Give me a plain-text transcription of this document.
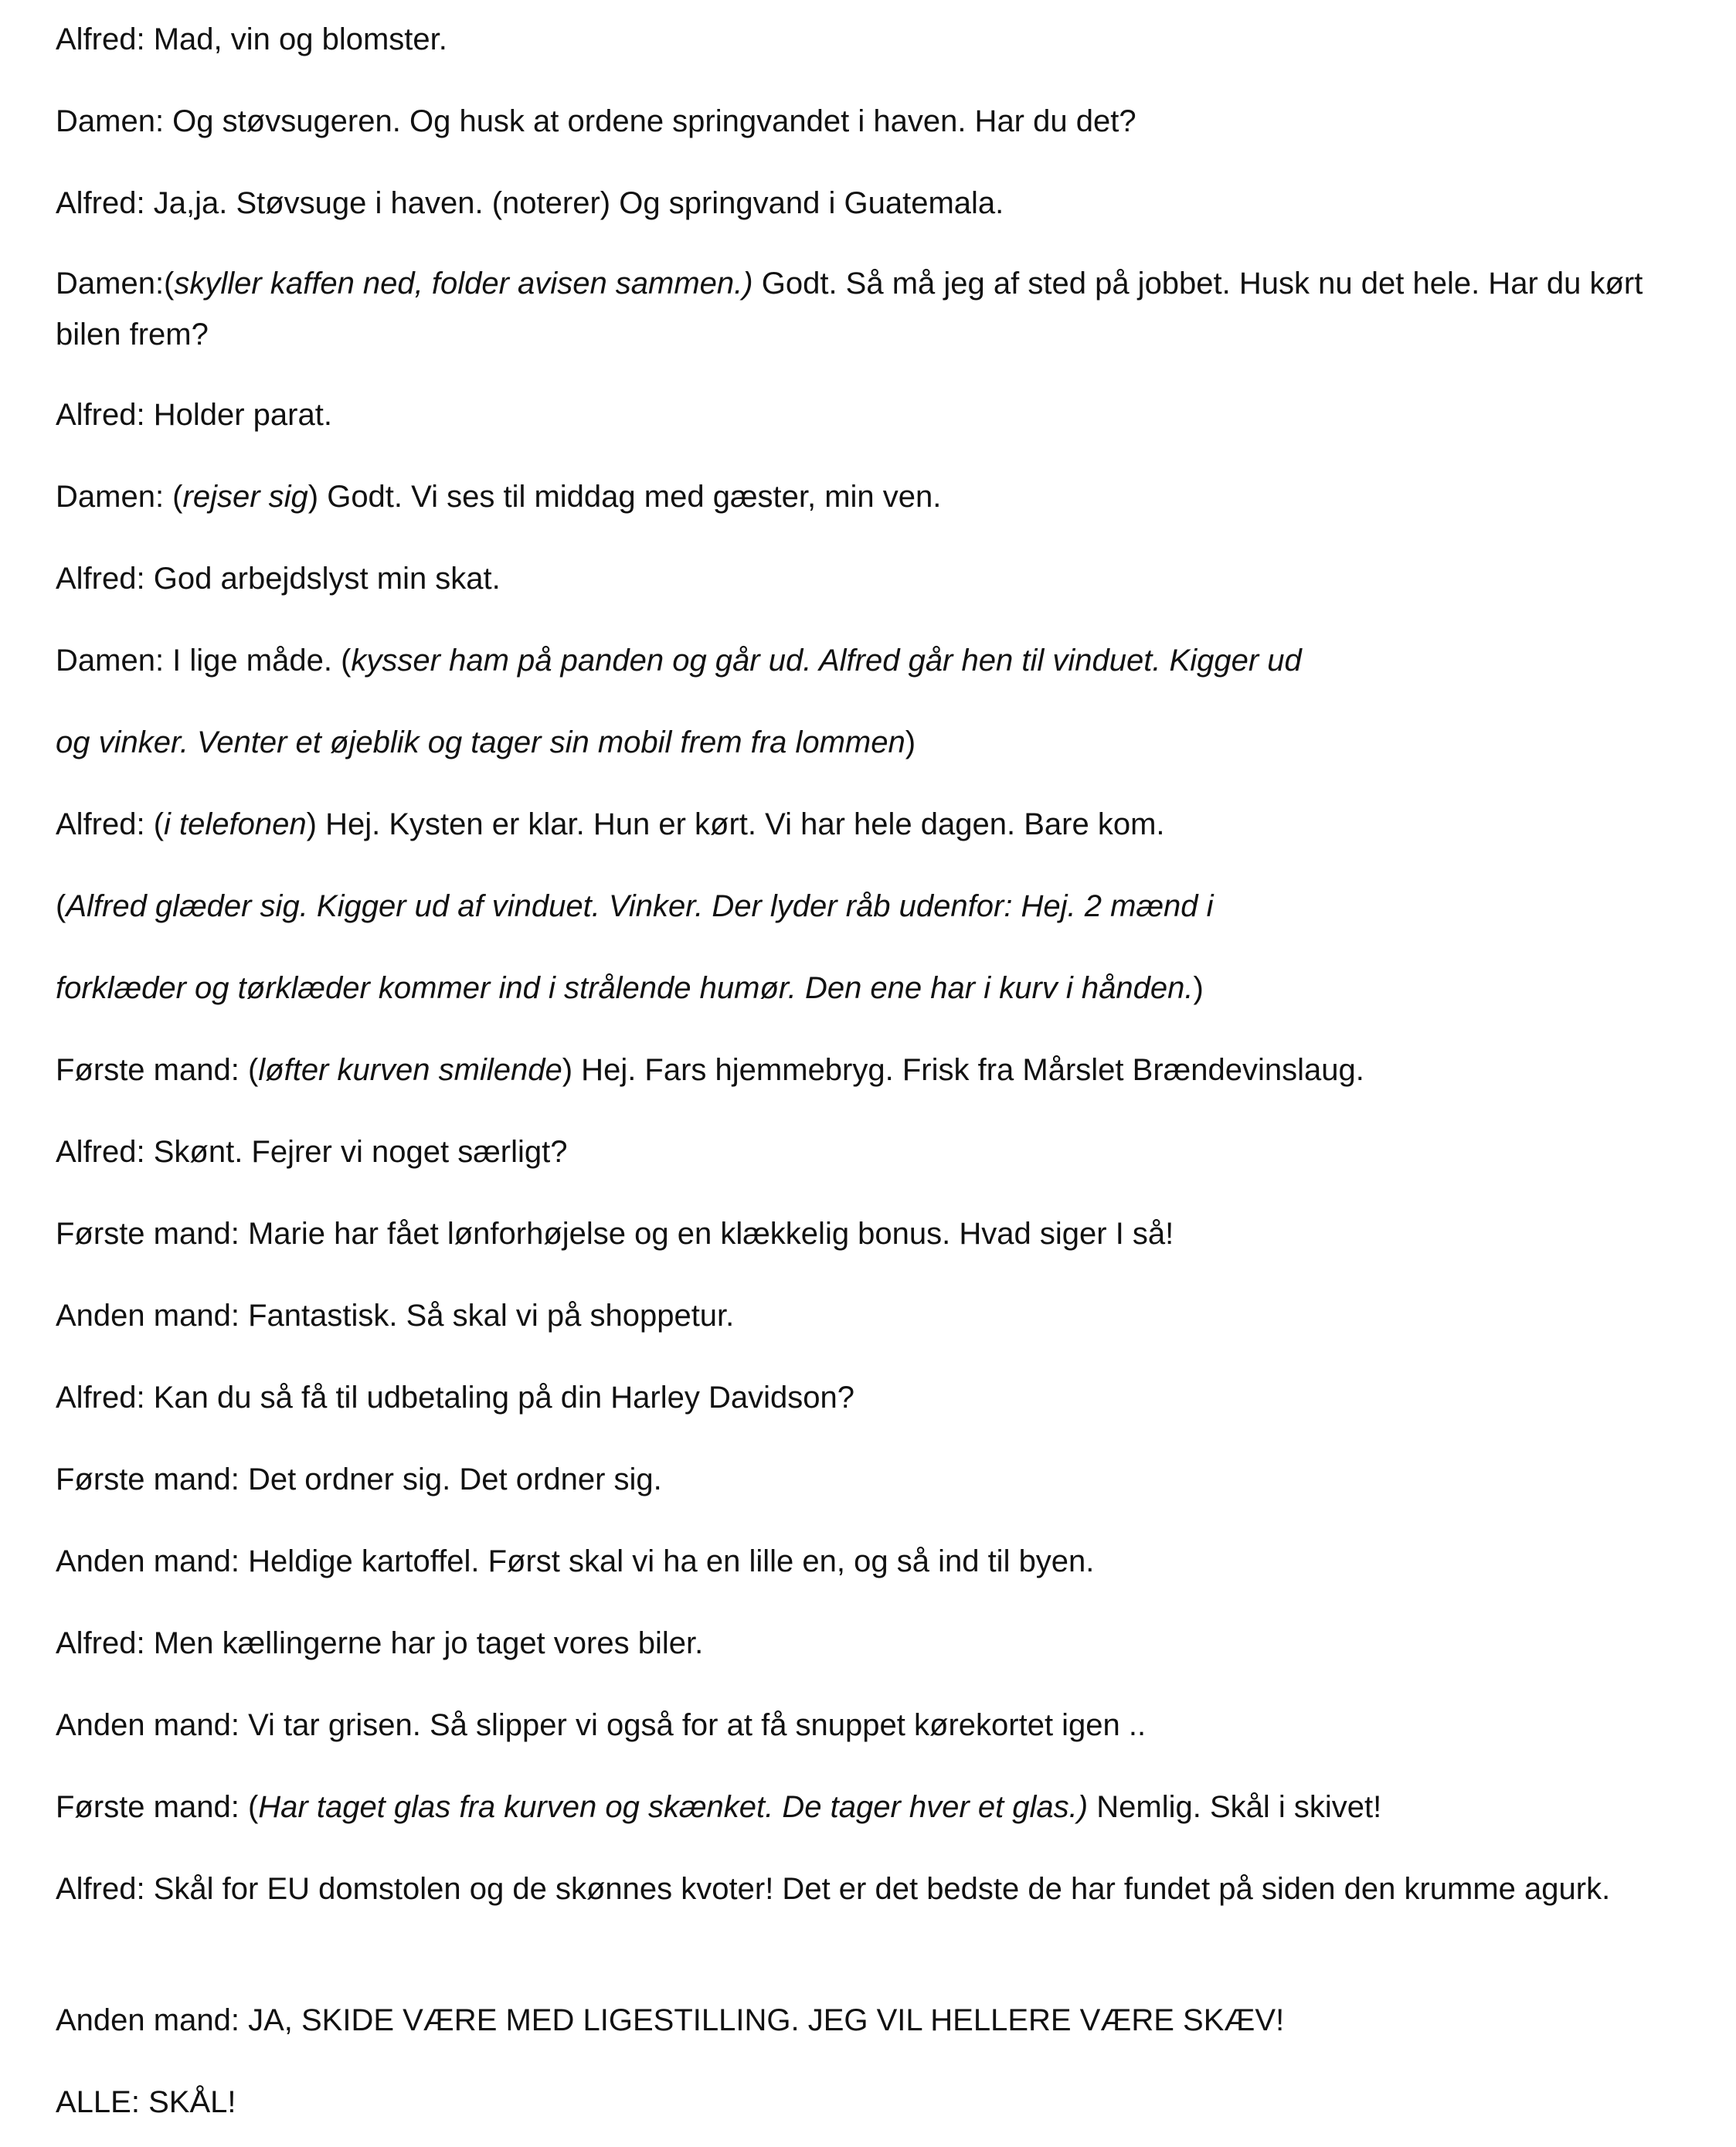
Alfred: Mad, vin og blomster.

Damen: Og støvsugeren. Og husk at ordene springvandet i haven. Har du det?

Alfred: Ja,ja. Støvsuge i haven. (noterer) Og springvand i Guatemala.

Damen:(skyller kaffen ned, folder avisen sammen.) Godt. Så må jeg af sted på jobbet. Husk nu det hele. Har du kørt bilen frem?

Alfred: Holder parat.

Damen: (rejser sig) Godt. Vi ses til middag med gæster, min ven.

Alfred: God arbejdslyst min skat.

Damen: I lige måde. (kysser ham på panden og går ud. Alfred går hen til vinduet. Kigger ud

og vinker. Venter et øjeblik og tager sin mobil frem fra lommen)

Alfred: (i telefonen) Hej. Kysten er klar. Hun er kørt. Vi har hele dagen. Bare kom.

(Alfred glæder sig. Kigger ud af vinduet. Vinker. Der lyder råb udenfor: Hej. 2 mænd i

forklæder og tørklæder kommer ind i strålende humør. Den ene har i kurv i hånden.)

Første mand: (løfter kurven smilende) Hej. Fars hjemmebryg. Frisk fra Mårslet Brændevinslaug.

Alfred: Skønt. Fejrer vi noget særligt?

Første mand: Marie har fået lønforhøjelse og en klækkelig bonus. Hvad siger I så!

Anden mand: Fantastisk. Så skal vi på shoppetur.

Alfred: Kan du så få til udbetaling på din Harley Davidson?

Første mand: Det ordner sig. Det ordner sig.

Anden mand: Heldige kartoffel. Først skal vi ha en lille en, og så ind til byen.

Alfred: Men kællingerne har jo taget vores biler.

Anden mand: Vi tar grisen. Så slipper vi også for at få snuppet kørekortet igen ..

Første mand: (Har taget glas fra kurven og skænket. De tager hver et glas.) Nemlig. Skål i skivet!

Alfred: Skål for EU domstolen og de skønnes kvoter! Det er det bedste de har fundet på siden den krumme agurk.

Anden mand: JA, SKIDE VÆRE MED LIGESTILLING. JEG VIL HELLERE VÆRE SKÆV!

ALLE: SKÅL!
